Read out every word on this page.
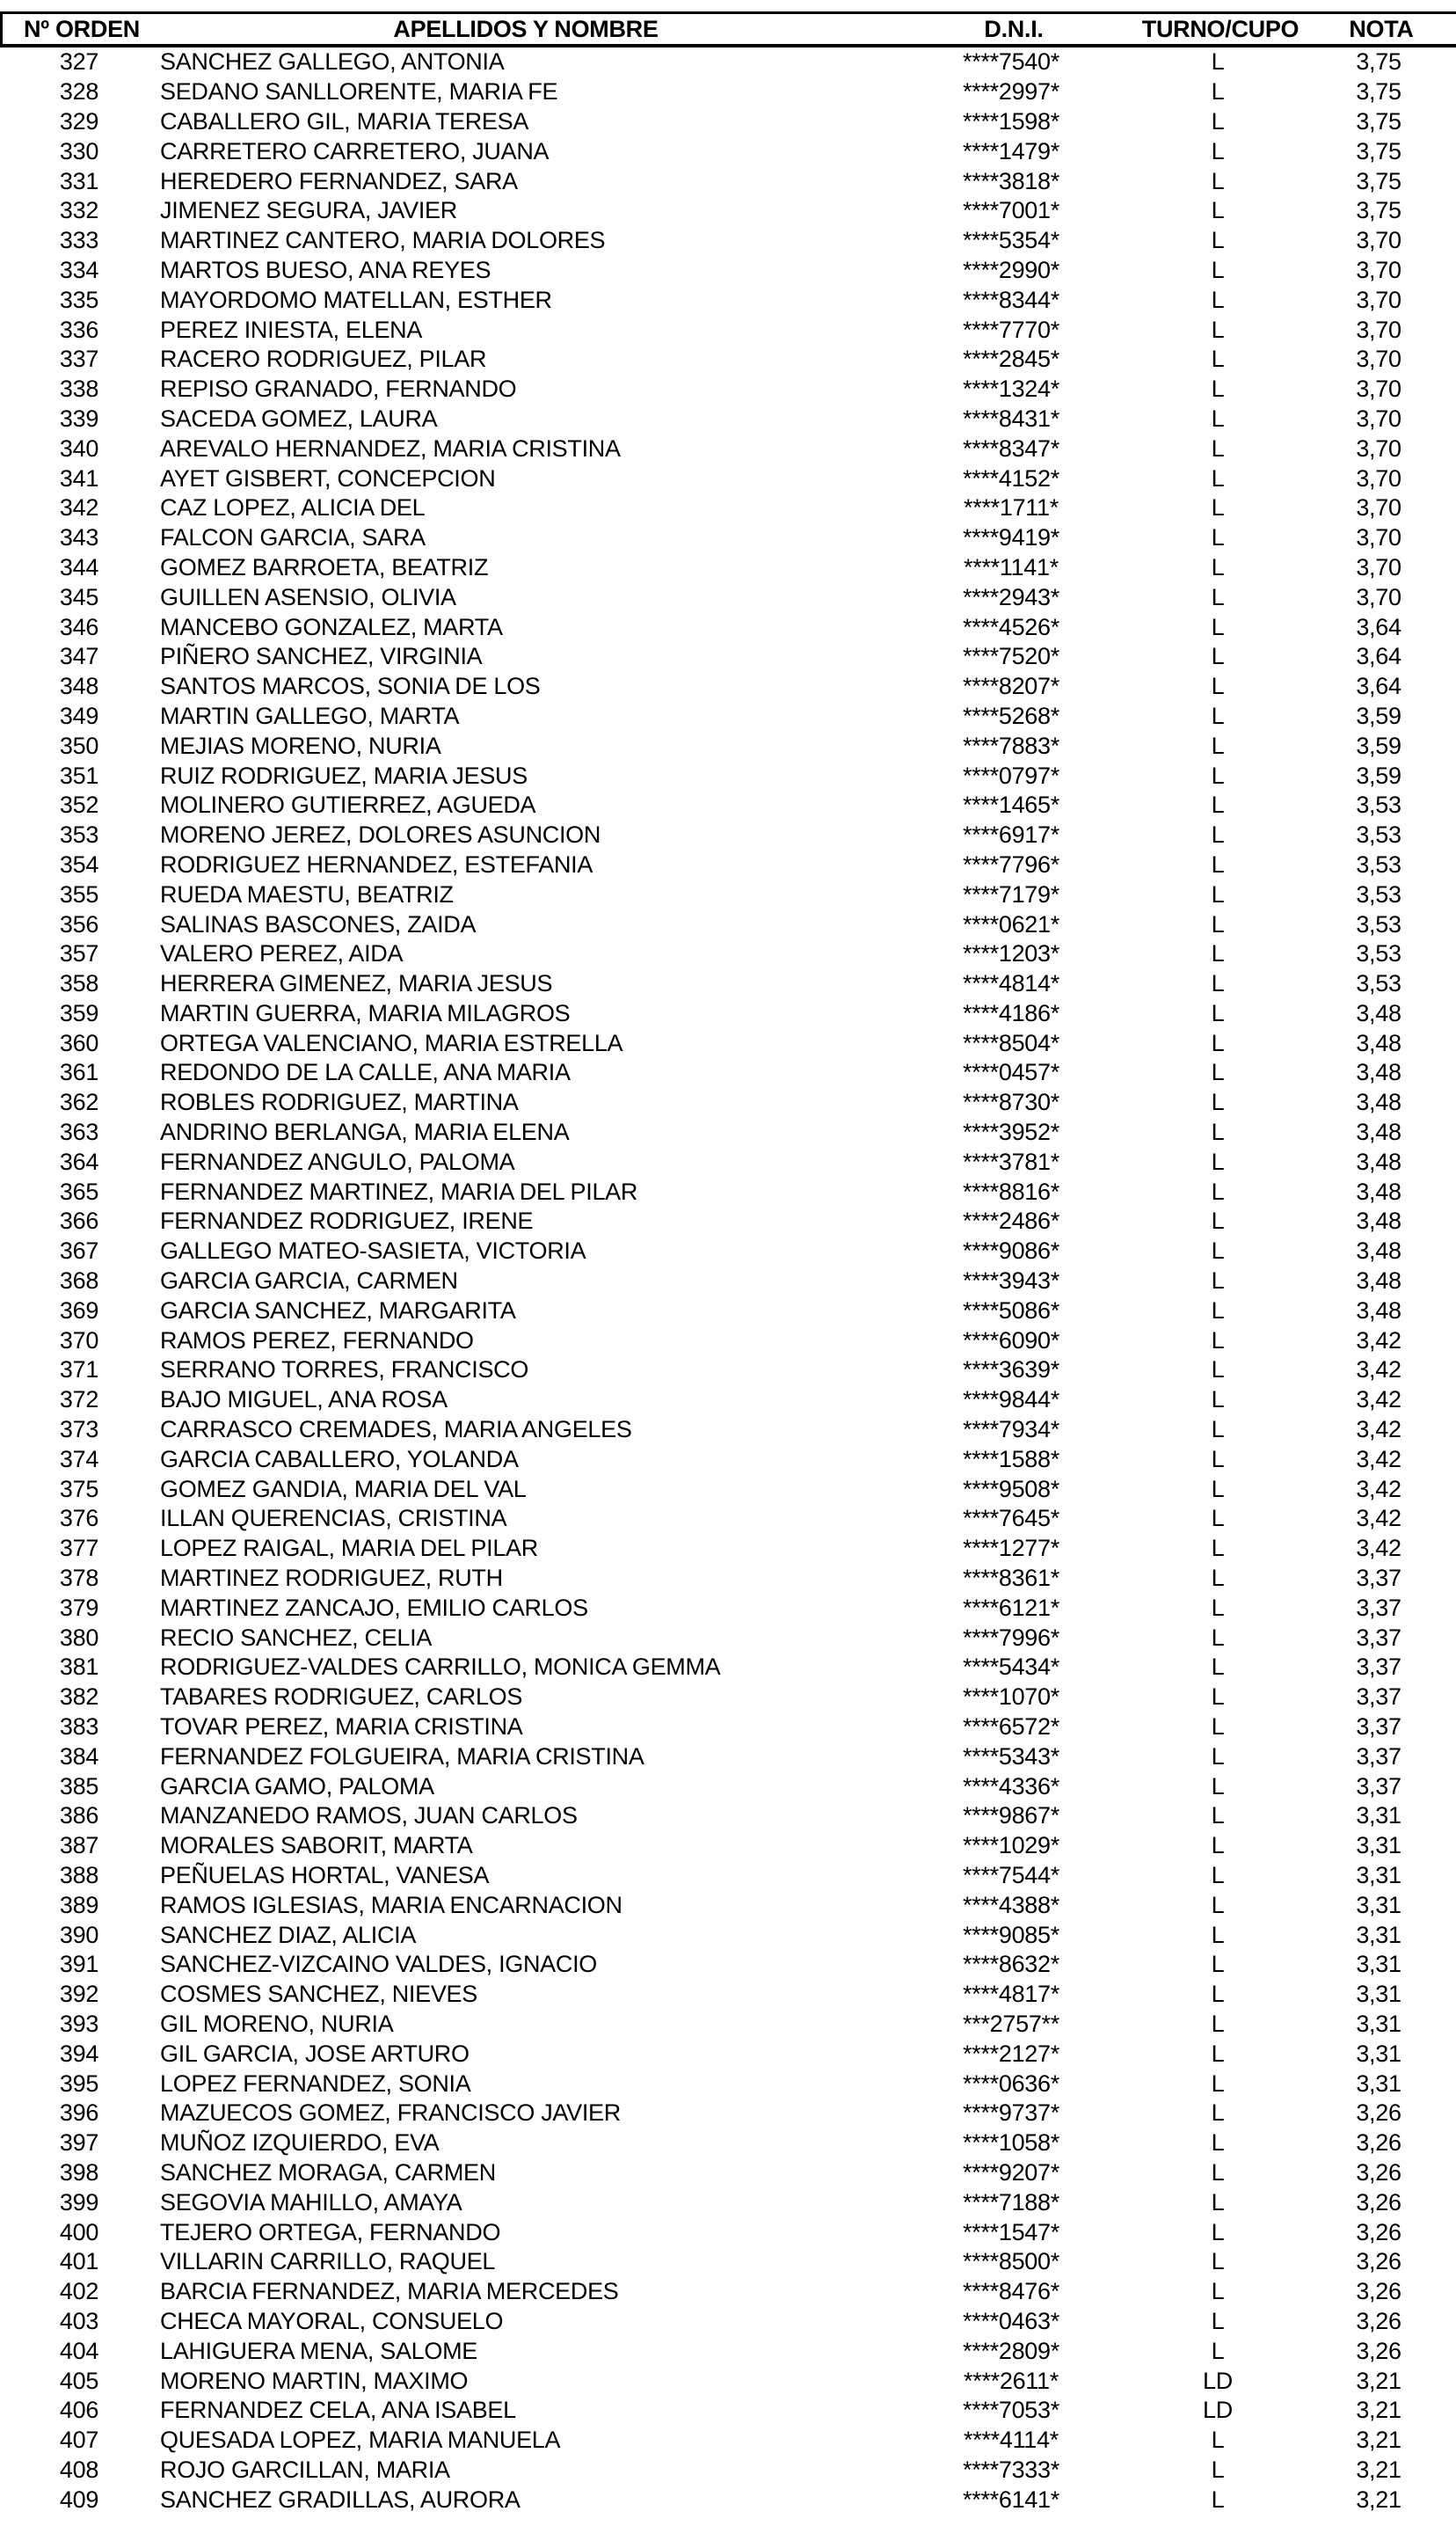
Nº ORDEN	APELLIDOS Y NOMBRE	D.N.I.	TURNO/CUPO	NOTA
327	SANCHEZ GALLEGO, ANTONIA	****7540*	L	3,75
328	SEDANO SANLLORENTE, MARIA FE	****2997*	L	3,75
329	CABALLERO GIL, MARIA TERESA	****1598*	L	3,75
330	CARRETERO CARRETERO, JUANA	****1479*	L	3,75
331	HEREDERO FERNANDEZ, SARA	****3818*	L	3,75
332	JIMENEZ SEGURA, JAVIER	****7001*	L	3,75
333	MARTINEZ CANTERO, MARIA DOLORES	****5354*	L	3,70
334	MARTOS BUESO, ANA REYES	****2990*	L	3,70
335	MAYORDOMO MATELLAN, ESTHER	****8344*	L	3,70
336	PEREZ INIESTA, ELENA	****7770*	L	3,70
337	RACERO RODRIGUEZ, PILAR	****2845*	L	3,70
338	REPISO GRANADO, FERNANDO	****1324*	L	3,70
339	SACEDA GOMEZ, LAURA	****8431*	L	3,70
340	AREVALO HERNANDEZ, MARIA CRISTINA	****8347*	L	3,70
341	AYET GISBERT, CONCEPCION	****4152*	L	3,70
342	CAZ LOPEZ, ALICIA DEL	****1711*	L	3,70
343	FALCON GARCIA, SARA	****9419*	L	3,70
344	GOMEZ BARROETA, BEATRIZ	****1141*	L	3,70
345	GUILLEN ASENSIO, OLIVIA	****2943*	L	3,70
346	MANCEBO GONZALEZ, MARTA	****4526*	L	3,64
347	PIÑERO SANCHEZ, VIRGINIA	****7520*	L	3,64
348	SANTOS MARCOS, SONIA DE LOS	****8207*	L	3,64
349	MARTIN GALLEGO, MARTA	****5268*	L	3,59
350	MEJIAS MORENO, NURIA	****7883*	L	3,59
351	RUIZ RODRIGUEZ, MARIA JESUS	****0797*	L	3,59
352	MOLINERO GUTIERREZ, AGUEDA	****1465*	L	3,53
353	MORENO JEREZ, DOLORES ASUNCION	****6917*	L	3,53
354	RODRIGUEZ HERNANDEZ, ESTEFANIA	****7796*	L	3,53
355	RUEDA MAESTU, BEATRIZ	****7179*	L	3,53
356	SALINAS BASCONES, ZAIDA	****0621*	L	3,53
357	VALERO PEREZ, AIDA	****1203*	L	3,53
358	HERRERA GIMENEZ, MARIA JESUS	****4814*	L	3,53
359	MARTIN GUERRA, MARIA MILAGROS	****4186*	L	3,48
360	ORTEGA VALENCIANO, MARIA ESTRELLA	****8504*	L	3,48
361	REDONDO DE LA CALLE, ANA MARIA	****0457*	L	3,48
362	ROBLES RODRIGUEZ, MARTINA	****8730*	L	3,48
363	ANDRINO BERLANGA, MARIA ELENA	****3952*	L	3,48
364	FERNANDEZ ANGULO, PALOMA	****3781*	L	3,48
365	FERNANDEZ MARTINEZ, MARIA DEL PILAR	****8816*	L	3,48
366	FERNANDEZ RODRIGUEZ, IRENE	****2486*	L	3,48
367	GALLEGO MATEO-SASIETA, VICTORIA	****9086*	L	3,48
368	GARCIA GARCIA, CARMEN	****3943*	L	3,48
369	GARCIA SANCHEZ, MARGARITA	****5086*	L	3,48
370	RAMOS PEREZ, FERNANDO	****6090*	L	3,42
371	SERRANO TORRES, FRANCISCO	****3639*	L	3,42
372	BAJO MIGUEL, ANA ROSA	****9844*	L	3,42
373	CARRASCO CREMADES, MARIA ANGELES	****7934*	L	3,42
374	GARCIA CABALLERO, YOLANDA	****1588*	L	3,42
375	GOMEZ GANDIA, MARIA DEL VAL	****9508*	L	3,42
376	ILLAN QUERENCIAS, CRISTINA	****7645*	L	3,42
377	LOPEZ RAIGAL, MARIA DEL PILAR	****1277*	L	3,42
378	MARTINEZ RODRIGUEZ, RUTH	****8361*	L	3,37
379	MARTINEZ ZANCAJO, EMILIO CARLOS	****6121*	L	3,37
380	RECIO SANCHEZ, CELIA	****7996*	L	3,37
381	RODRIGUEZ-VALDES CARRILLO, MONICA GEMMA	****5434*	L	3,37
382	TABARES RODRIGUEZ, CARLOS	****1070*	L	3,37
383	TOVAR PEREZ, MARIA CRISTINA	****6572*	L	3,37
384	FERNANDEZ FOLGUEIRA, MARIA CRISTINA	****5343*	L	3,37
385	GARCIA GAMO, PALOMA	****4336*	L	3,37
386	MANZANEDO RAMOS, JUAN CARLOS	****9867*	L	3,31
387	MORALES SABORIT, MARTA	****1029*	L	3,31
388	PEÑUELAS HORTAL, VANESA	****7544*	L	3,31
389	RAMOS IGLESIAS, MARIA ENCARNACION	****4388*	L	3,31
390	SANCHEZ DIAZ, ALICIA	****9085*	L	3,31
391	SANCHEZ-VIZCAINO VALDES, IGNACIO	****8632*	L	3,31
392	COSMES SANCHEZ, NIEVES	****4817*	L	3,31
393	GIL MORENO, NURIA	***2757**	L	3,31
394	GIL GARCIA, JOSE ARTURO	****2127*	L	3,31
395	LOPEZ FERNANDEZ, SONIA	****0636*	L	3,31
396	MAZUECOS GOMEZ, FRANCISCO JAVIER	****9737*	L	3,26
397	MUÑOZ IZQUIERDO, EVA	****1058*	L	3,26
398	SANCHEZ MORAGA, CARMEN	****9207*	L	3,26
399	SEGOVIA MAHILLO, AMAYA	****7188*	L	3,26
400	TEJERO ORTEGA, FERNANDO	****1547*	L	3,26
401	VILLARIN CARRILLO, RAQUEL	****8500*	L	3,26
402	BARCIA FERNANDEZ, MARIA MERCEDES	****8476*	L	3,26
403	CHECA MAYORAL, CONSUELO	****0463*	L	3,26
404	LAHIGUERA MENA, SALOME	****2809*	L	3,26
405	MORENO MARTIN, MAXIMO	****2611*	LD	3,21
406	FERNANDEZ CELA, ANA ISABEL	****7053*	LD	3,21
407	QUESADA LOPEZ, MARIA MANUELA	****4114*	L	3,21
408	ROJO GARCILLAN, MARIA	****7333*	L	3,21
409	SANCHEZ GRADILLAS, AURORA	****6141*	L	3,21
